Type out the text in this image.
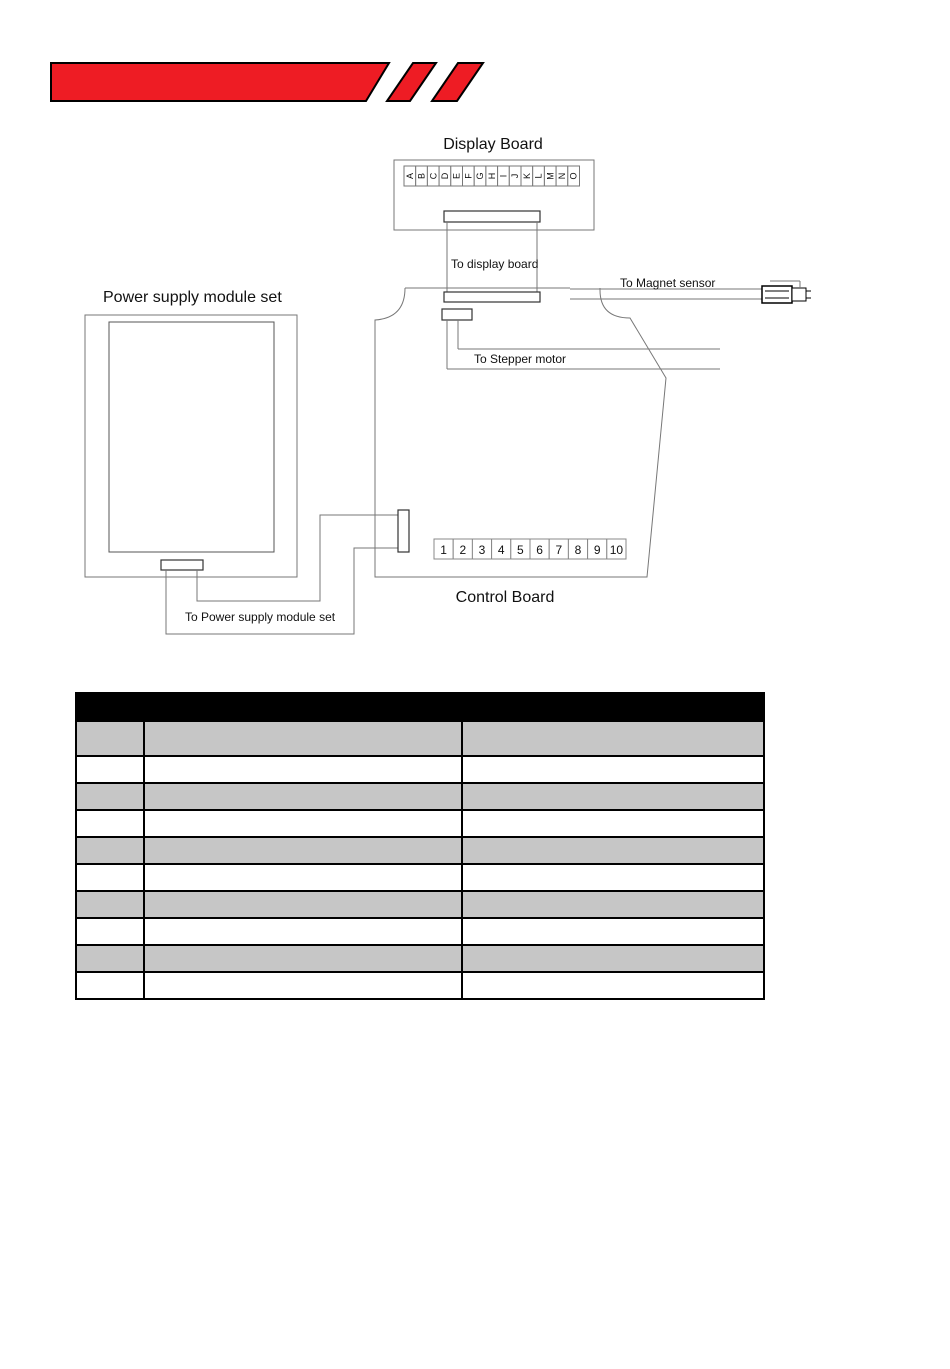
Display Board
A B C D E F G H I J K L M N O
To display board
To Magnet sensor
To Stepper motor
Power supply module set
To Power supply module set
1 2 3 4 5 6 7 8 9 10
Control Board
